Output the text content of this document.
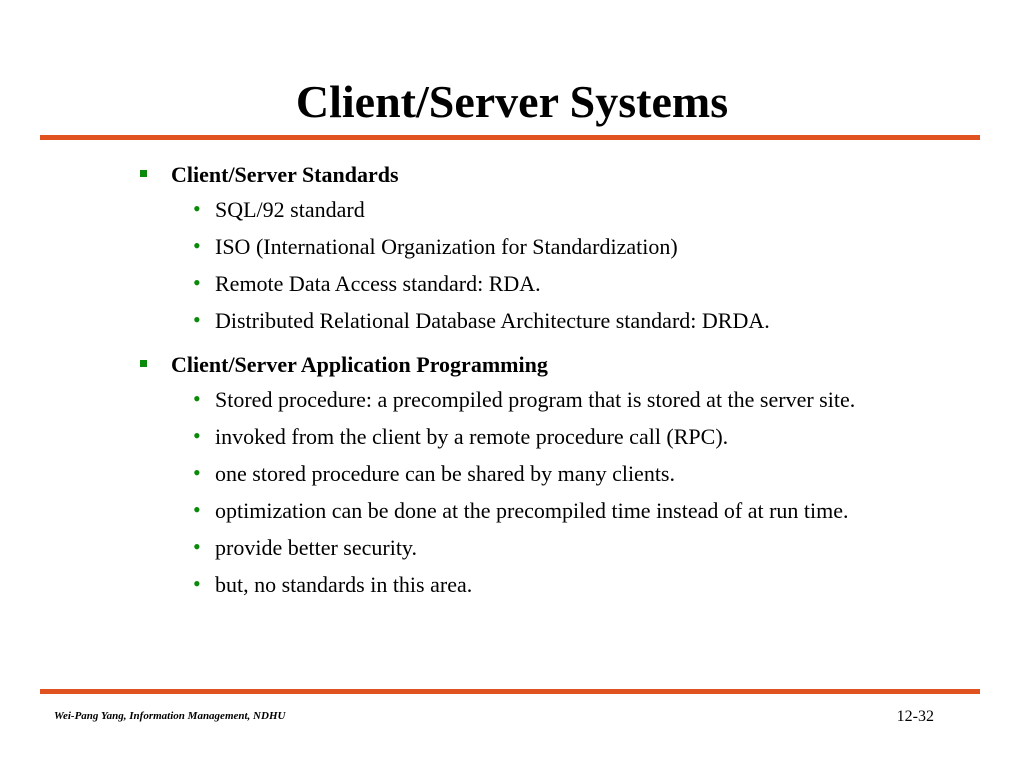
Client/Server Systems
Client/Server Standards
• SQL/92 standard
• ISO (International Organization for Standardization)
• Remote Data Access standard: RDA.
• Distributed Relational Database Architecture standard: DRDA.
Client/Server Application Programming
• Stored procedure: a precompiled program that is stored at the server site.
• invoked from the client by a remote procedure call (RPC).
• one stored procedure can be shared by many clients.
• optimization can be done at the precompiled time instead of at run time.
• provide better security.
• but, no standards in this area.
Wei-Pang Yang, Information Management, NDHU	12-32
